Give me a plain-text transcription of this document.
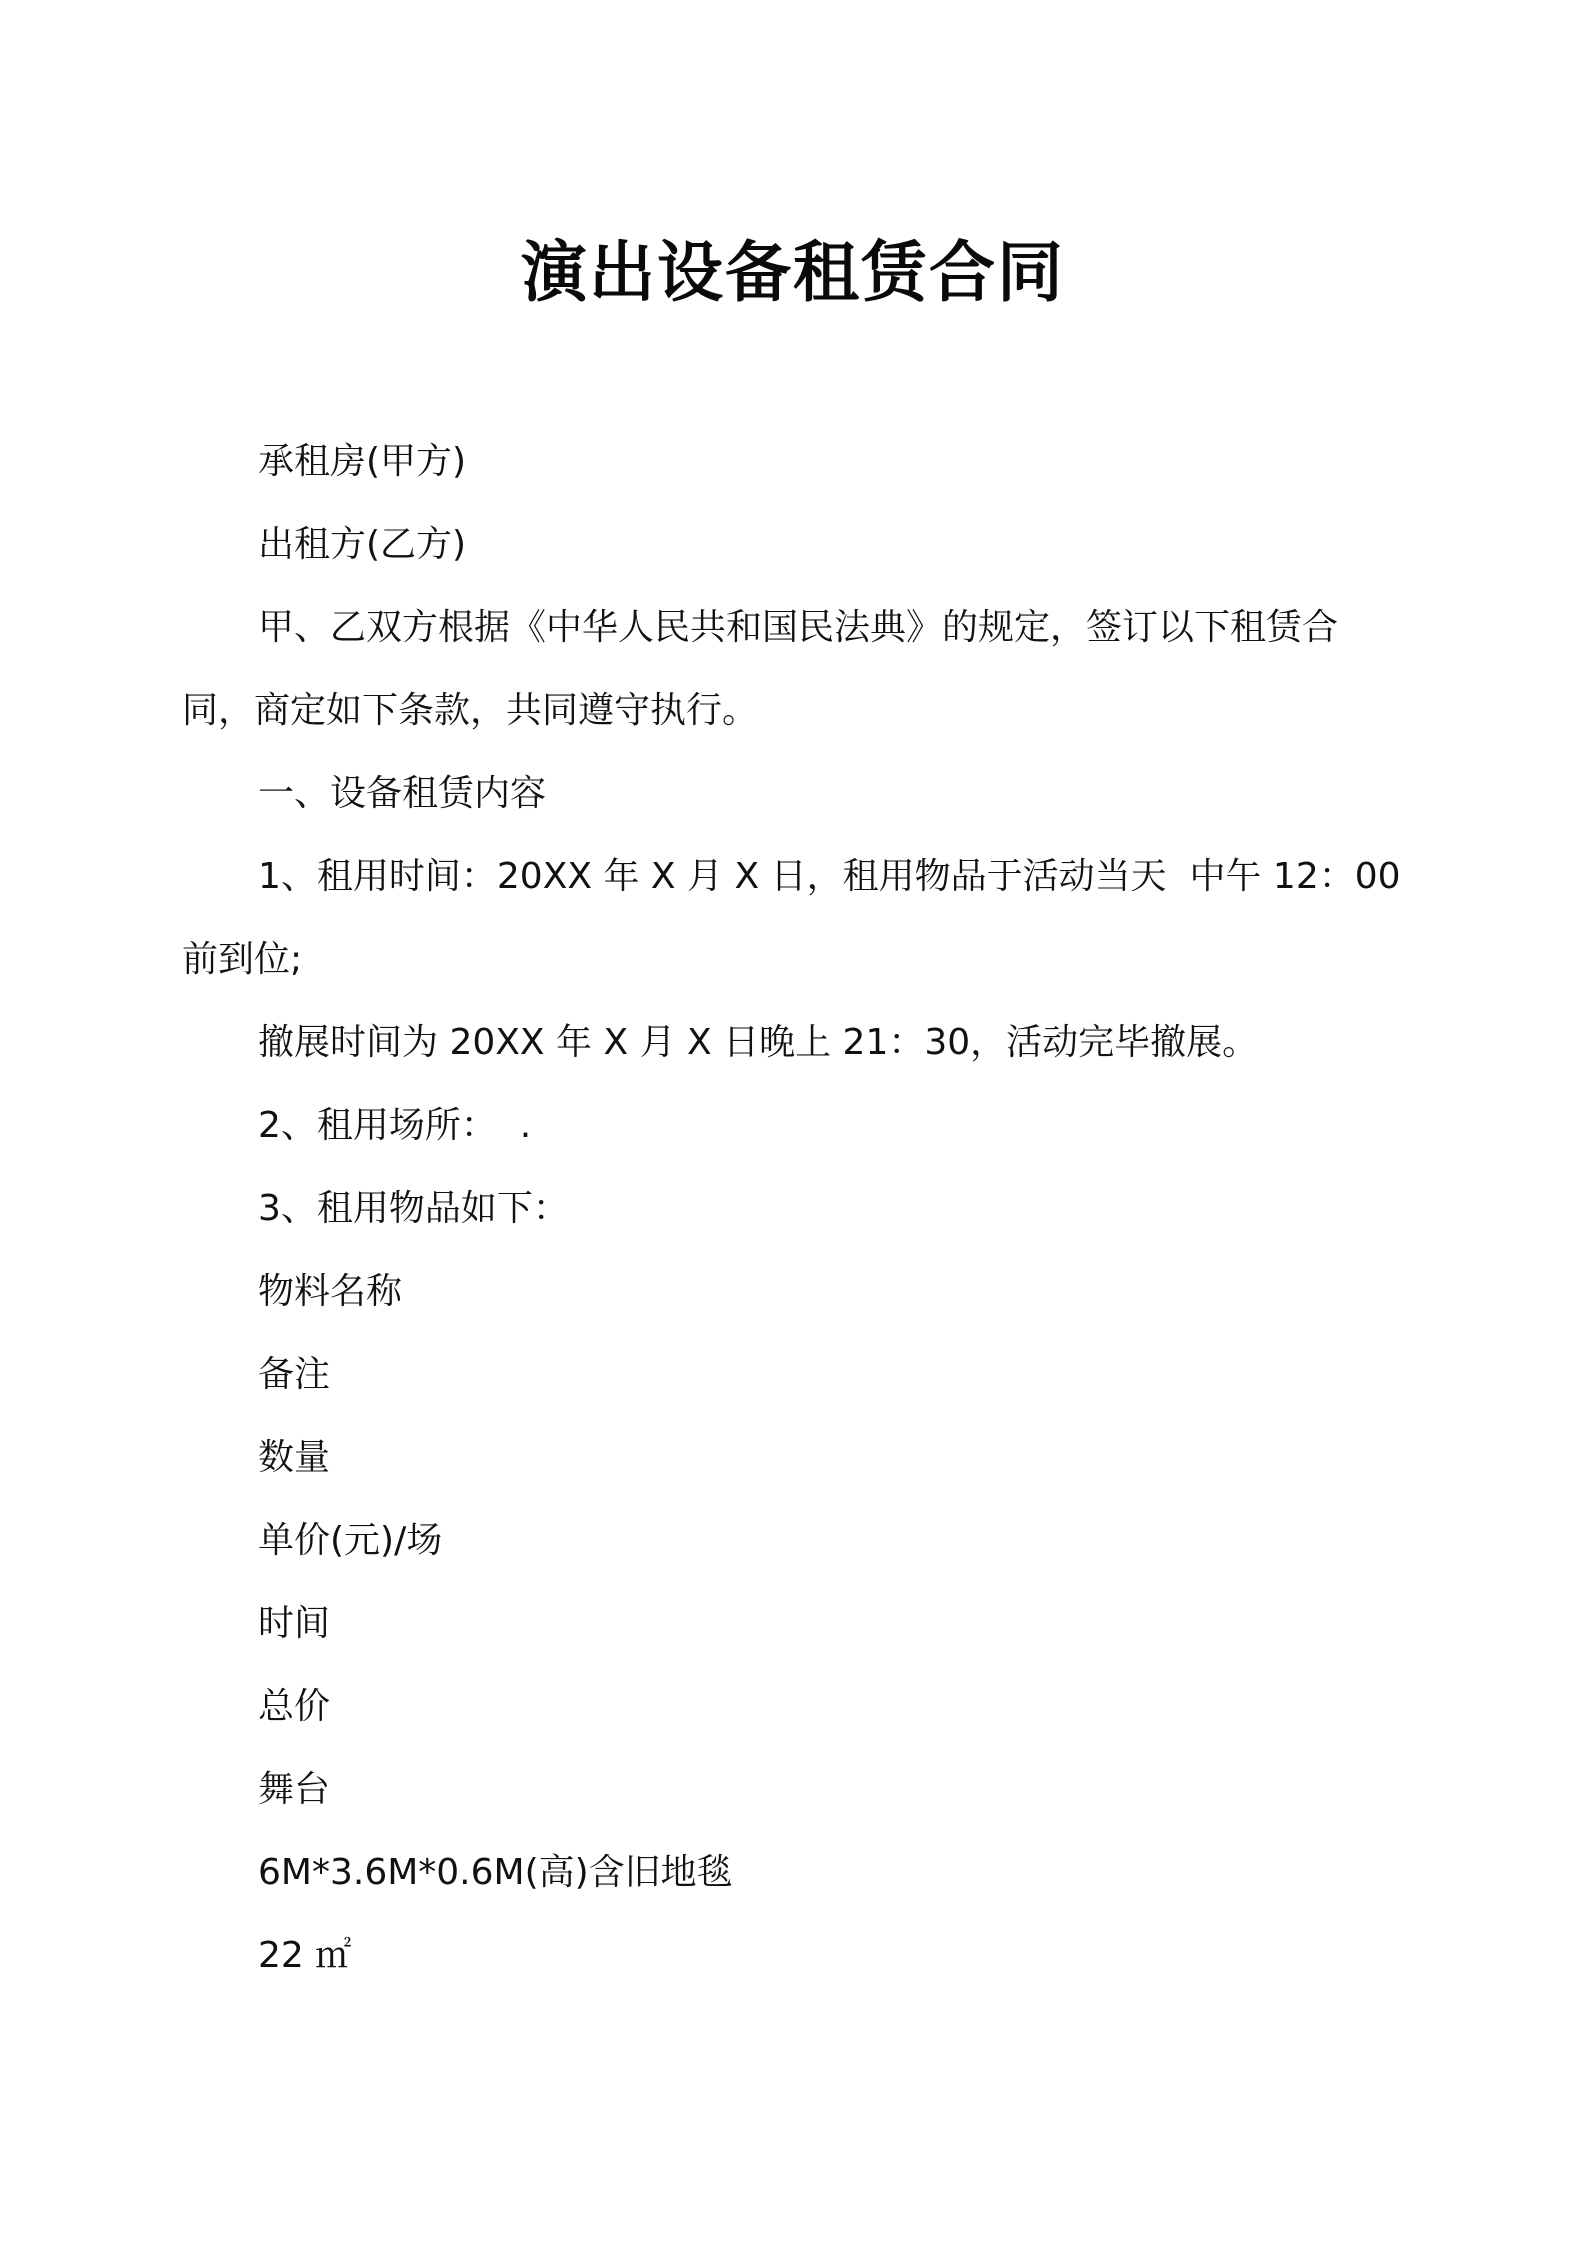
演出设备租赁合同

承租房(甲方)

出租方(乙方)

甲、乙双方根据《中华人民共和国民法典》的规定，签订以下租赁合同，商定如下条款，共同遵守执行。

一、设备租赁内容

1、租用时间：20XX 年 X 月 X 日，租用物品于活动当天  中午 12：00 前到位;

撤展时间为 20XX 年 X 月 X 日晚上 21：30，活动完毕撤展。

2、租用场所：  .

3、租用物品如下：

物料名称

备注

数量

单价(元)/场

时间

总价

舞台

6M*3.6M*0.6M(高)含旧地毯

22 ㎡
